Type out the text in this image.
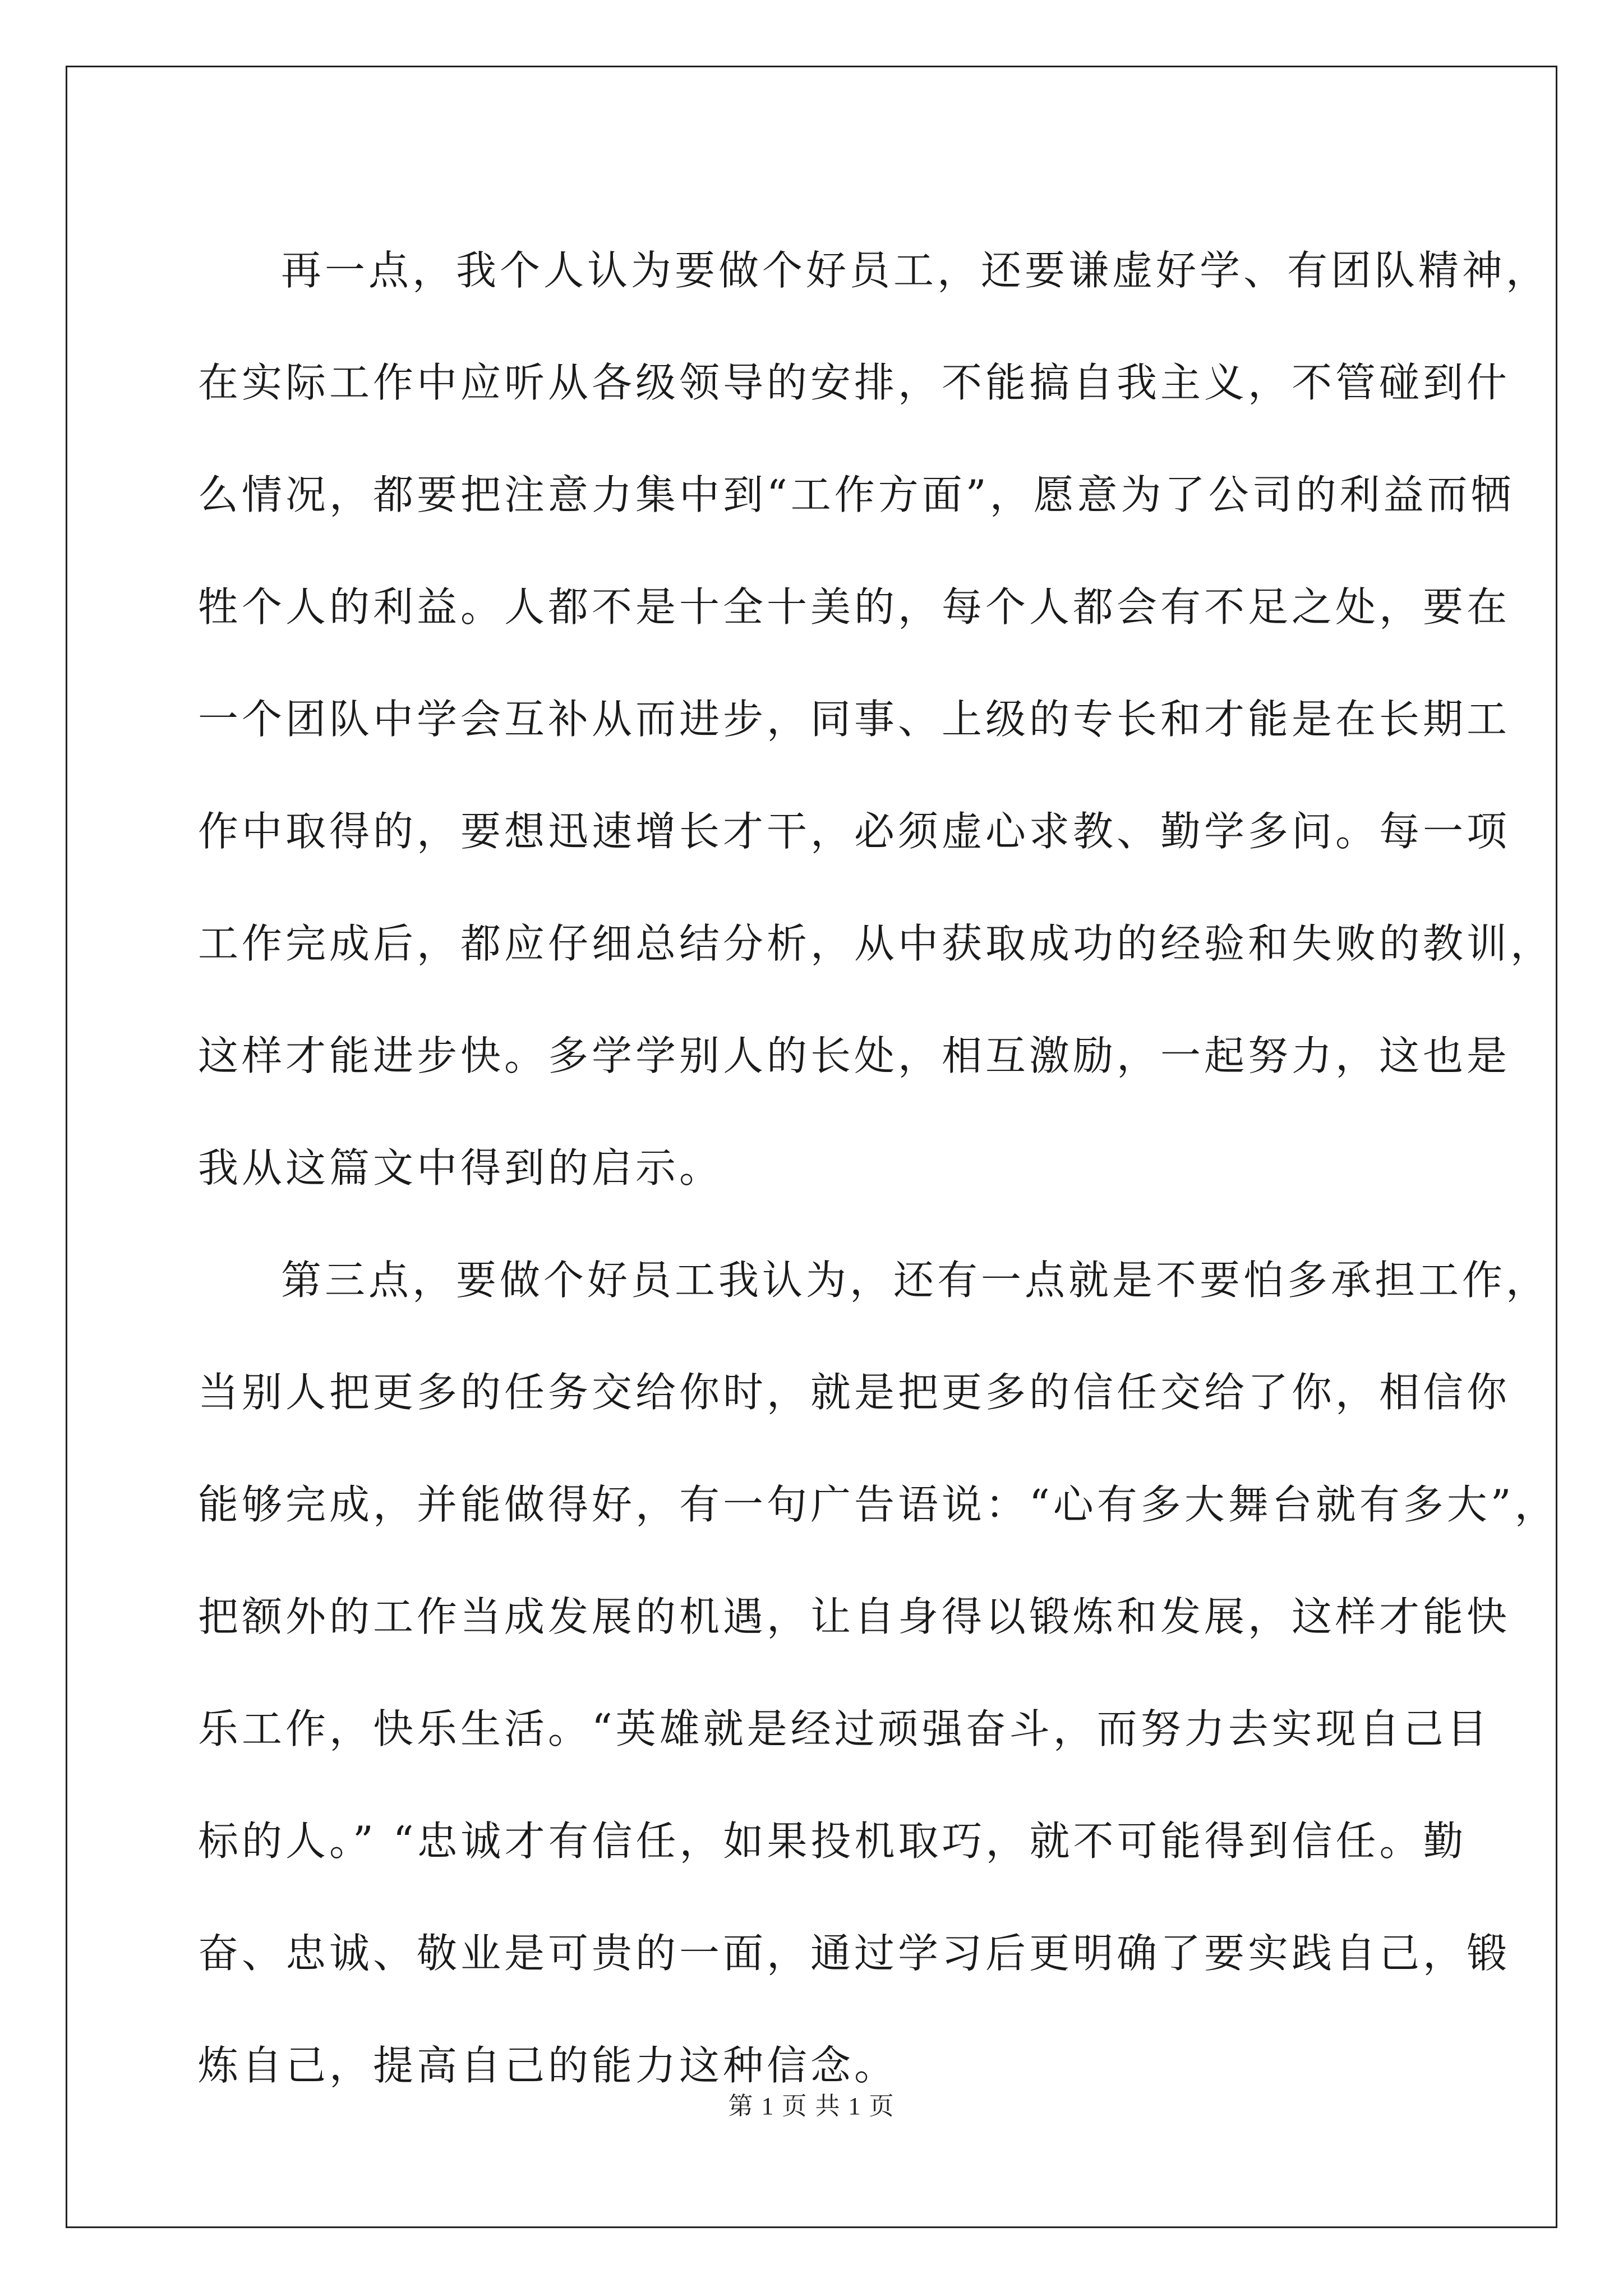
再一点，我个人认为要做个好员工，还要谦虚好学、有团队精神，
在实际工作中应听从各级领导的安排，不能搞自我主义，不管碰到什
么情况，都要把注意力集中到“工作方面”，愿意为了公司的利益而牺
牲个人的利益。人都不是十全十美的，每个人都会有不足之处，要在
一个团队中学会互补从而进步，同事、上级的专长和才能是在长期工
作中取得的，要想迅速增长才干，必须虚心求教、勤学多问。每一项
工作完成后，都应仔细总结分析，从中获取成功的经验和失败的教训，
这样才能进步快。多学学别人的长处，相互激励，一起努力，这也是
我从这篇文中得到的启示。
第三点，要做个好员工我认为，还有一点就是不要怕多承担工作，
当别人把更多的任务交给你时，就是把更多的信任交给了你，相信你
能够完成，并能做得好，有一句广告语说：“心有多大舞台就有多大”，
把额外的工作当成发展的机遇，让自身得以锻炼和发展，这样才能快
乐工作，快乐生活。“英雄就是经过顽强奋斗，而努力去实现自己目
标的人。” “忠诚才有信任，如果投机取巧，就不可能得到信任。勤
奋、忠诚、敬业是可贵的一面，通过学习后更明确了要实践自己，锻
炼自己，提高自己的能力这种信念。
第 1 页 共 1 页
